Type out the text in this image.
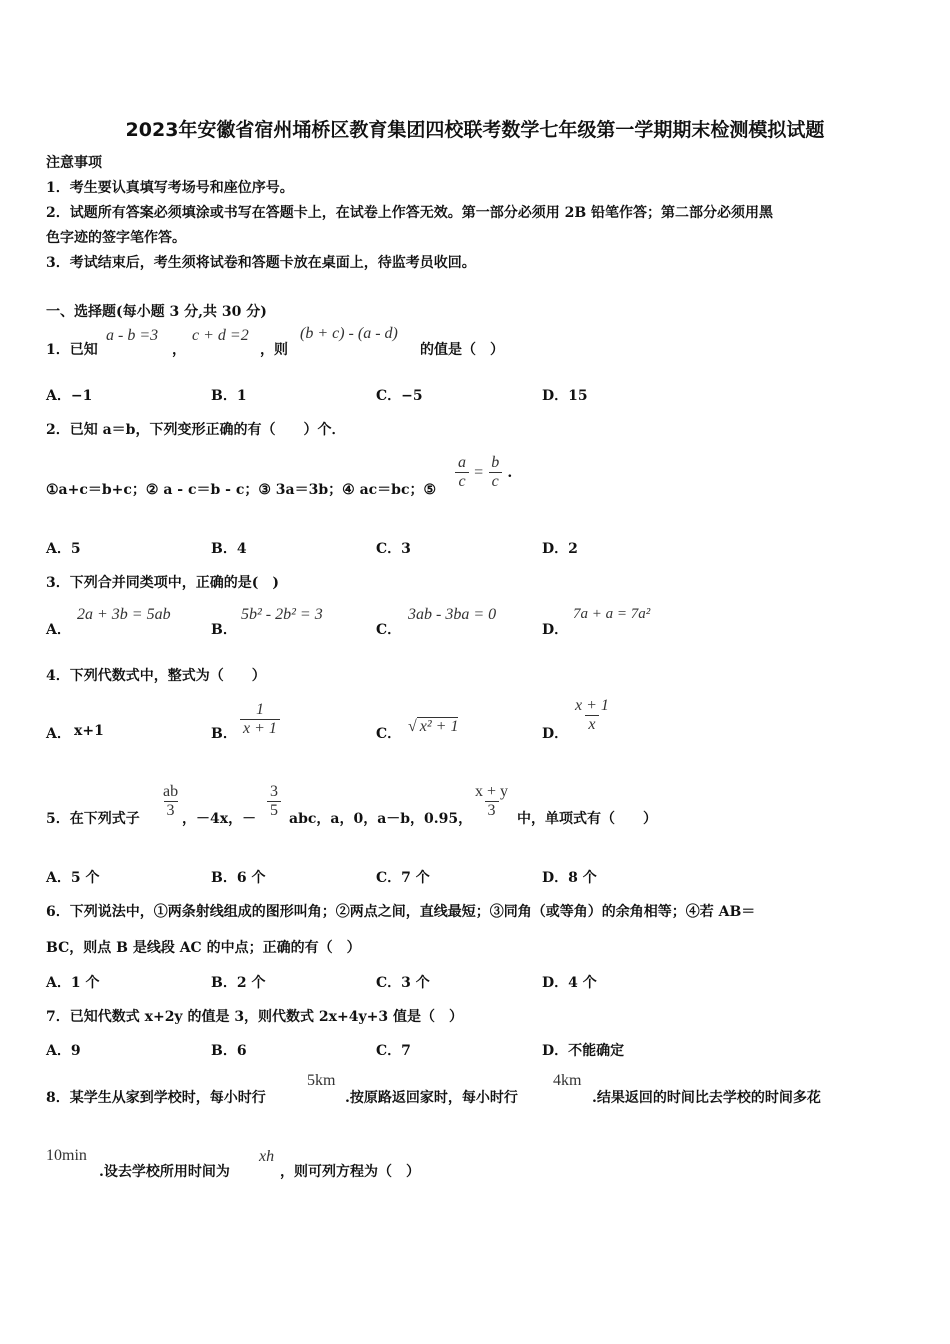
2023年安徽省宿州埇桥区教育集团四校联考数学七年级第一学期期末检测模拟试题
注意事项
1．考生要认真填写考场号和座位序号。
2．试题所有答案必须填涂或书写在答题卡上，在试卷上作答无效。第一部分必须用 2B 铅笔作答；第二部分必须用黑
色字迹的签字笔作答。
3．考试结束后，考生须将试卷和答题卡放在桌面上，待监考员收回。
一、选择题(每小题 3 分,共 30 分)
1．已知
a - b =3
，
c + d =2
，则
(b + c) - (a - d)
的值是（　）
A．−1	B．1	C．−5	D．15
2．已知 a＝b，下列变形正确的有（　　）个．
①a+c＝b+c；② a - c＝b - c；③ 3a＝3b；④ ac＝bc；⑤ $\frac{a}{c} = \frac{b}{c}$ .
A．5	B．4	C．3	D．2
3．下列合并同类项中，正确的是(　)
A．
2a + 3b = 5ab
B．
5b² - 2b² = 3
C．
3ab - 3ba = 0
D．
7a + a = 7a²
4．下列代数式中，整式为（　　）
A． x+1	B． $\frac{1}{x + 1}$	C． √ x² + 1	D． $\frac{x + 1}{x}$
5．在下列式子 $\frac{ab}{3}$ ，－4x，－ $\frac{3}{5}$ abc，a，0，a－b，0.95， $\frac{x + y}{3}$ 中，单项式有（　　）
A．5 个	B．6 个	C．7 个	D．8 个
6．下列说法中，①两条射线组成的图形叫角；②两点之间，直线最短；③同角（或等角）的余角相等；④若 AB＝
BC，则点 B 是线段 AC 的中点；正确的有（　）
A．1 个	B．2 个	C．3 个	D．4 个
7．已知代数式 x+2y 的值是 3，则代数式 2x+4y+3 值是（　）
A．9	B．6	C．7	D．不能确定
8．某学生从家到学校时，每小时行
5km
.按原路返回家时，每小时行
4km
.结果返回的时间比去学校的时间多花
10min
.设去学校所用时间为
xh
，则可列方程为（　）
